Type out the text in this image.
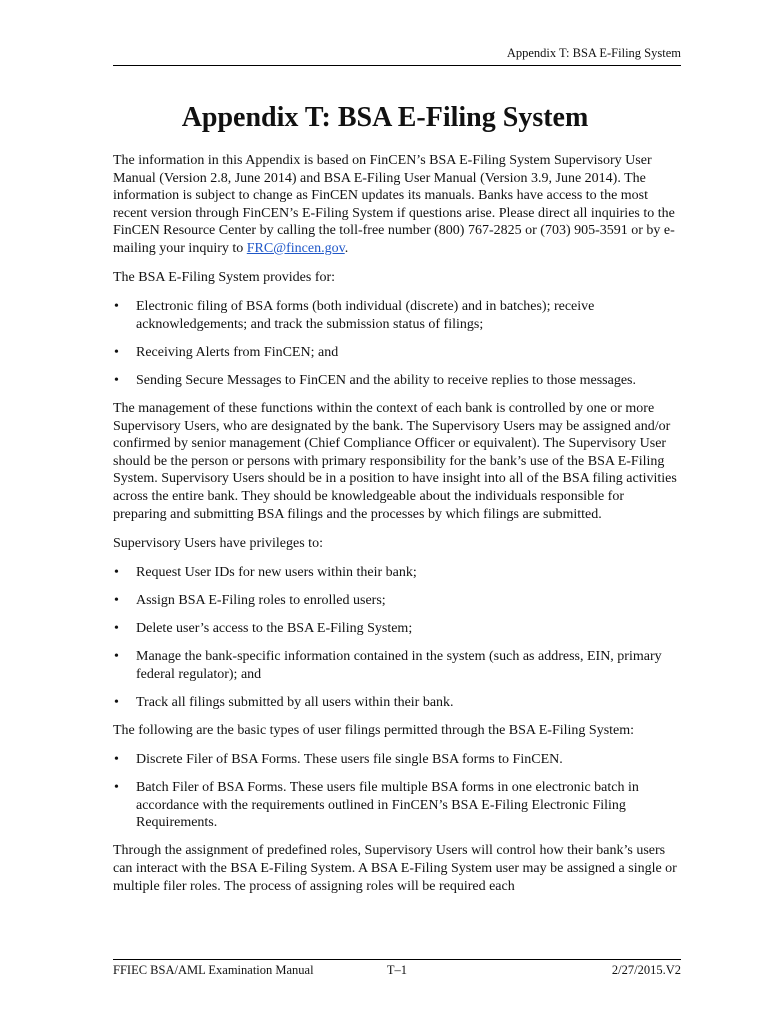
Appendix T: BSA E-Filing System
Appendix T: BSA E-Filing System

The information in this Appendix is based on FinCEN’s BSA E-Filing System Supervisory User Manual (Version 2.8, June 2014) and BSA E-Filing User Manual (Version 3.9, June 2014). The information is subject to change as FinCEN updates its manuals. Banks have access to the most recent version through FinCEN’s E-Filing System if questions arise. Please direct all inquiries to the FinCEN Resource Center by calling the toll-free number (800) 767-2825 or (703) 905-3591 or by e-mailing your inquiry to FRC@fincen.gov.

The BSA E-Filing System provides for:

• Electronic filing of BSA forms (both individual (discrete) and in batches); receive acknowledgements; and track the submission status of filings;
• Receiving Alerts from FinCEN; and
• Sending Secure Messages to FinCEN and the ability to receive replies to those messages.

The management of these functions within the context of each bank is controlled by one or more Supervisory Users, who are designated by the bank. The Supervisory Users may be assigned and/or confirmed by senior management (Chief Compliance Officer or equivalent). The Supervisory User should be the person or persons with primary responsibility for the bank’s use of the BSA E-Filing System. Supervisory Users should be in a position to have insight into all of the BSA filing activities across the entire bank. They should be knowledgeable about the individuals responsible for preparing and submitting BSA filings and the processes by which filings are submitted.

Supervisory Users have privileges to:

• Request User IDs for new users within their bank;
• Assign BSA E-Filing roles to enrolled users;
• Delete user’s access to the BSA E-Filing System;
• Manage the bank-specific information contained in the system (such as address, EIN, primary federal regulator); and
• Track all filings submitted by all users within their bank.

The following are the basic types of user filings permitted through the BSA E-Filing System:

• Discrete Filer of BSA Forms. These users file single BSA forms to FinCEN.
• Batch Filer of BSA Forms. These users file multiple BSA forms in one electronic batch in accordance with the requirements outlined in FinCEN’s BSA E-Filing Electronic Filing Requirements.

Through the assignment of predefined roles, Supervisory Users will control how their bank’s users can interact with the BSA E-Filing System. A BSA E-Filing System user may be assigned a single or multiple filer roles. The process of assigning roles will be required each

FFIEC BSA/AML Examination Manual	T–1	2/27/2015.V2
